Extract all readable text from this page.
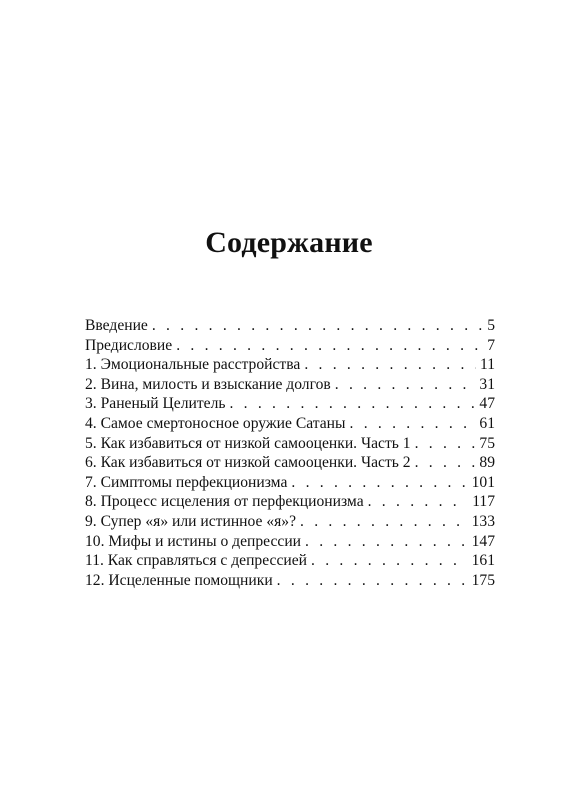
Содержание
Введение . . .	5
Предисловие . . .	7
1. Эмоциональные расстройства . . .	11
2. Вина, милость и взыскание долгов . . .	31
3. Раненый Целитель . . .	47
4. Самое смертоносное оружие Сатаны . . .	61
5. Как избавиться от низкой самооценки. Часть 1 . . .	75
6. Как избавиться от низкой самооценки. Часть 2 . . .	89
7. Симптомы перфекционизма . . .	101
8. Процесс исцеления от перфекционизма . . .	117
9. Супер «я» или истинное «я»? . . .	133
10. Мифы и истины о депрессии . . .	147
11. Как справляться с депрессией . . .	161
12. Исцеленные помощники . . .	175
